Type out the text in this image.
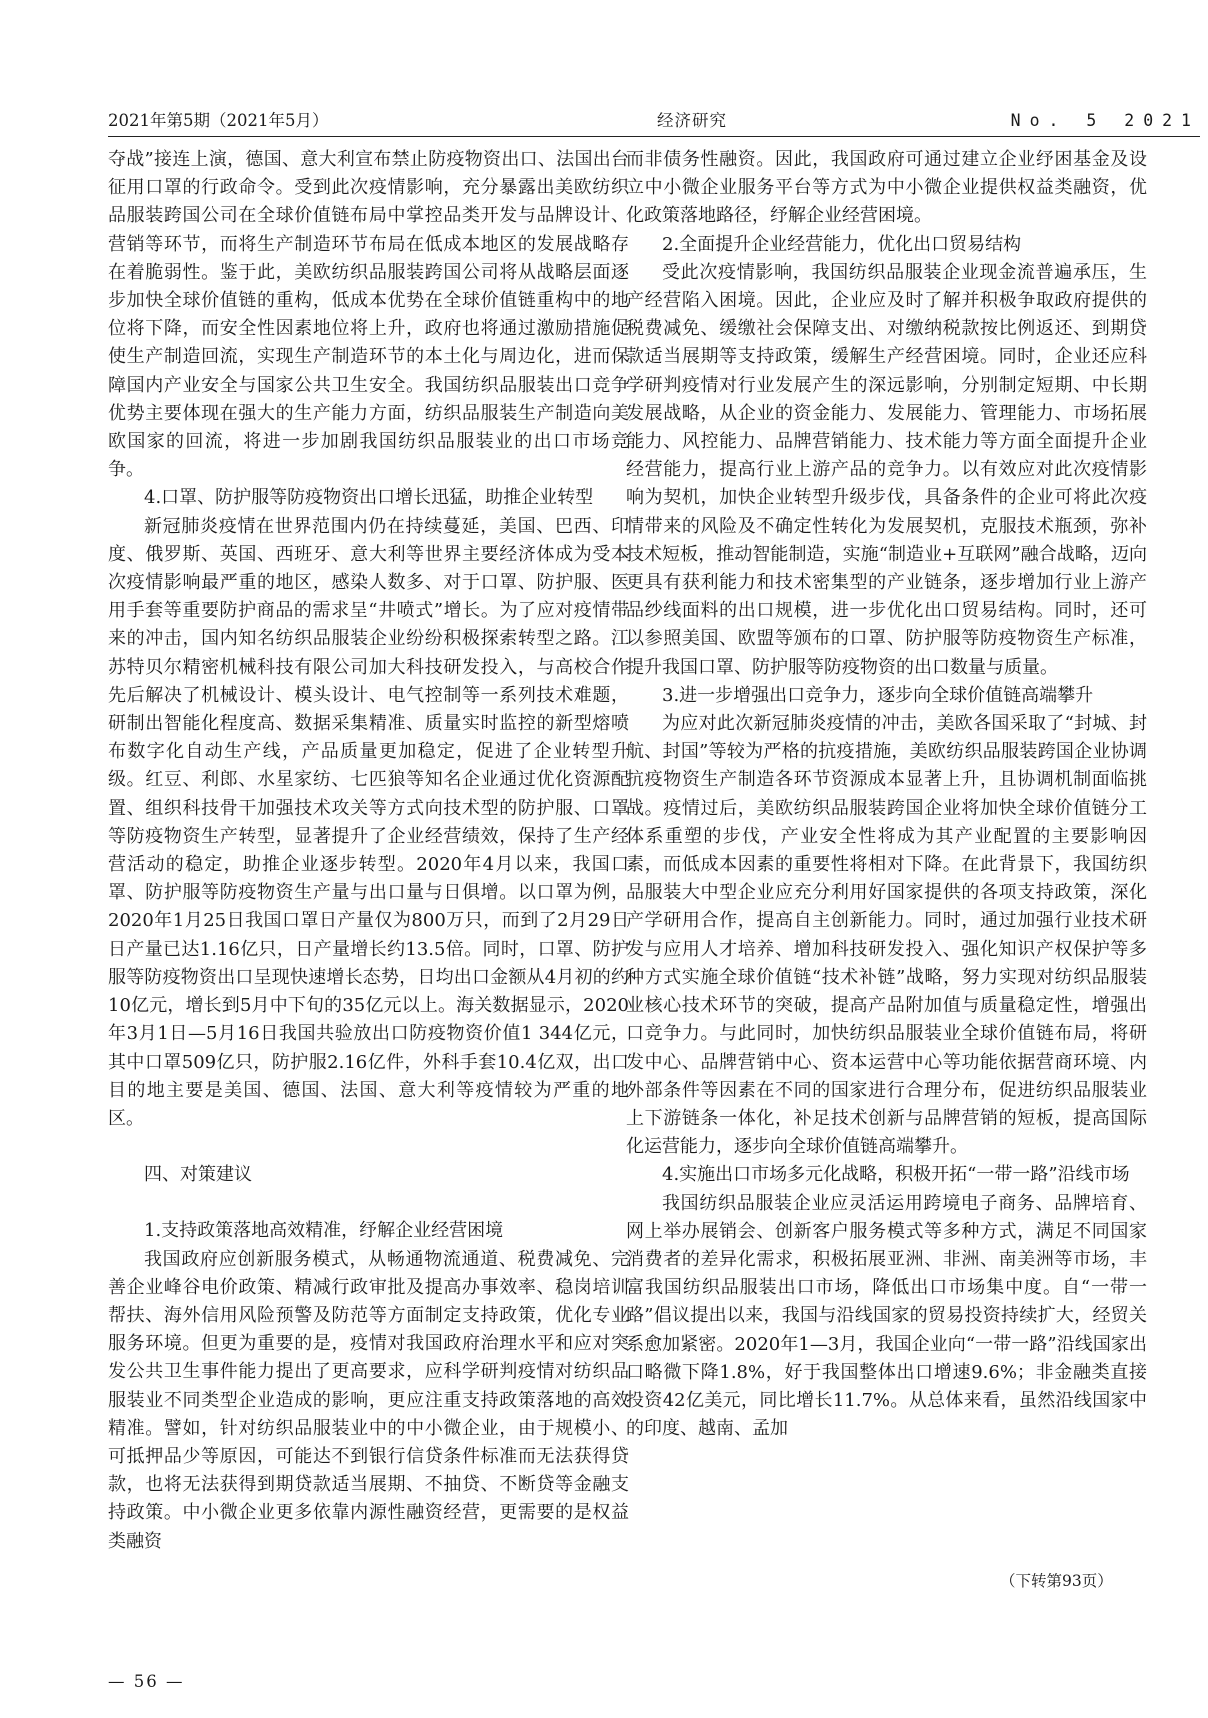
2021年第5期（2021年5月）	经济研究	No. 5 2021

夺战”接连上演，德国、意大利宣布禁止防疫物资出口、法国出台征用口罩的行政命令。受到此次疫情影响，充分暴露出美欧纺织品服装跨国公司在全球价值链布局中掌控品类开发与品牌设计、营销等环节，而将生产制造环节布局在低成本地区的发展战略存在着脆弱性。鉴于此，美欧纺织品服装跨国公司将从战略层面逐步加快全球价值链的重构，低成本优势在全球价值链重构中的地位将下降，而安全性因素地位将上升，政府也将通过激励措施促使生产制造回流，实现生产制造环节的本土化与周边化，进而保障国内产业安全与国家公共卫生安全。我国纺织品服装出口竞争优势主要体现在强大的生产能力方面，纺织品服装生产制造向美欧国家的回流，将进一步加剧我国纺织品服装业的出口市场竞争。

4.口罩、防护服等防疫物资出口增长迅猛，助推企业转型

新冠肺炎疫情在世界范围内仍在持续蔓延，美国、巴西、印度、俄罗斯、英国、西班牙、意大利等世界主要经济体成为受本次疫情影响最严重的地区，感染人数多、对于口罩、防护服、医用手套等重要防护商品的需求呈“井喷式”增长。为了应对疫情带来的冲击，国内知名纺织品服装企业纷纷积极探索转型之路。江苏特贝尔精密机械科技有限公司加大科技研发投入，与高校合作先后解决了机械设计、模头设计、电气控制等一系列技术难题，研制出智能化程度高、数据采集精准、质量实时监控的新型熔喷布数字化自动生产线，产品质量更加稳定，促进了企业转型升级。红豆、利郎、水星家纺、七匹狼等知名企业通过优化资源配置、组织科技骨干加强技术攻关等方式向技术型的防护服、口罩等防疫物资生产转型，显著提升了企业经营绩效，保持了生产经营活动的稳定，助推企业逐步转型。2020年4月以来，我国口罩、防护服等防疫物资生产量与出口量与日俱增。以口罩为例，2020年1月25日我国口罩日产量仅为800万只，而到了2月29日日产量已达1.16亿只，日产量增长约13.5倍。同时，口罩、防护服等防疫物资出口呈现快速增长态势，日均出口金额从4月初的约10亿元，增长到5月中下旬的35亿元以上。海关数据显示，2020年3月1日—5月16日我国共验放出口防疫物资价值1 344亿元，其中口罩509亿只，防护服2.16亿件，外科手套10.4亿双，出口目的地主要是美国、德国、法国、意大利等疫情较为严重的地区。

四、对策建议
1.支持政策落地高效精准，纾解企业经营困境

我国政府应创新服务模式，从畅通物流通道、税费减免、完善企业峰谷电价政策、精减行政审批及提高办事效率、稳岗培训帮扶、海外信用风险预警及防范等方面制定支持政策，优化专业服务环境。但更为重要的是，疫情对我国政府治理水平和应对突发公共卫生事件能力提出了更高要求，应科学研判疫情对纺织品服装业不同类型企业造成的影响，更应注重支持政策落地的高效精准。譬如，针对纺织品服装业中的中小微企业，由于规模小、可抵押品少等原因，可能达不到银行信贷条件标准而无法获得贷款，也将无法获得到期贷款适当展期、不抽贷、不断贷等金融支持政策。中小微企业更多依靠内源性融资经营，更需要的是权益类融资

而非债务性融资。因此，我国政府可通过建立企业纾困基金及设立中小微企业服务平台等方式为中小微企业提供权益类融资，优化政策落地路径，纾解企业经营困境。

2.全面提升企业经营能力，优化出口贸易结构

受此次疫情影响，我国纺织品服装企业现金流普遍承压，生产经营陷入困境。因此，企业应及时了解并积极争取政府提供的税费减免、缓缴社会保障支出、对缴纳税款按比例返还、到期贷款适当展期等支持政策，缓解生产经营困境。同时，企业还应科学研判疫情对行业发展产生的深远影响，分别制定短期、中长期发展战略，从企业的资金能力、发展能力、管理能力、市场拓展能力、风控能力、品牌营销能力、技术能力等方面全面提升企业经营能力，提高行业上游产品的竞争力。以有效应对此次疫情影响为契机，加快企业转型升级步伐，具备条件的企业可将此次疫情带来的风险及不确定性转化为发展契机，克服技术瓶颈，弥补技术短板，推动智能制造，实施“制造业+互联网”融合战略，迈向更具有获利能力和技术密集型的产业链条，逐步增加行业上游产品纱线面料的出口规模，进一步优化出口贸易结构。同时，还可以参照美国、欧盟等颁布的口罩、防护服等防疫物资生产标准，提升我国口罩、防护服等防疫物资的出口数量与质量。

3.进一步增强出口竞争力，逐步向全球价值链高端攀升

为应对此次新冠肺炎疫情的冲击，美欧各国采取了“封城、封航、封国”等较为严格的抗疫措施，美欧纺织品服装跨国企业协调抗疫物资生产制造各环节资源成本显著上升，且协调机制面临挑战。疫情过后，美欧纺织品服装跨国企业将加快全球价值链分工体系重塑的步伐，产业安全性将成为其产业配置的主要影响因素，而低成本因素的重要性将相对下降。在此背景下，我国纺织品服装大中型企业应充分利用好国家提供的各项支持政策，深化产学研用合作，提高自主创新能力。同时，通过加强行业技术研发与应用人才培养、增加科技研发投入、强化知识产权保护等多种方式实施全球价值链“技术补链”战略，努力实现对纺织品服装业核心技术环节的突破，提高产品附加值与质量稳定性，增强出口竞争力。与此同时，加快纺织品服装业全球价值链布局，将研发中心、品牌营销中心、资本运营中心等功能依据营商环境、内外部条件等因素在不同的国家进行合理分布，促进纺织品服装业上下游链条一体化，补足技术创新与品牌营销的短板，提高国际化运营能力，逐步向全球价值链高端攀升。

4.实施出口市场多元化战略，积极开拓“一带一路”沿线市场

我国纺织品服装企业应灵活运用跨境电子商务、品牌培育、网上举办展销会、创新客户服务模式等多种方式，满足不同国家消费者的差异化需求，积极拓展亚洲、非洲、南美洲等市场，丰富我国纺织品服装出口市场，降低出口市场集中度。自“一带一路”倡议提出以来，我国与沿线国家的贸易投资持续扩大，经贸关系愈加紧密。2020年1—3月，我国企业向“一带一路”沿线国家出口略微下降1.8%，好于我国整体出口增速9.6%；非金融类直接投资42亿美元，同比增长11.7%。从总体来看，虽然沿线国家中的印度、越南、孟加

（下转第93页）
— 56 —
